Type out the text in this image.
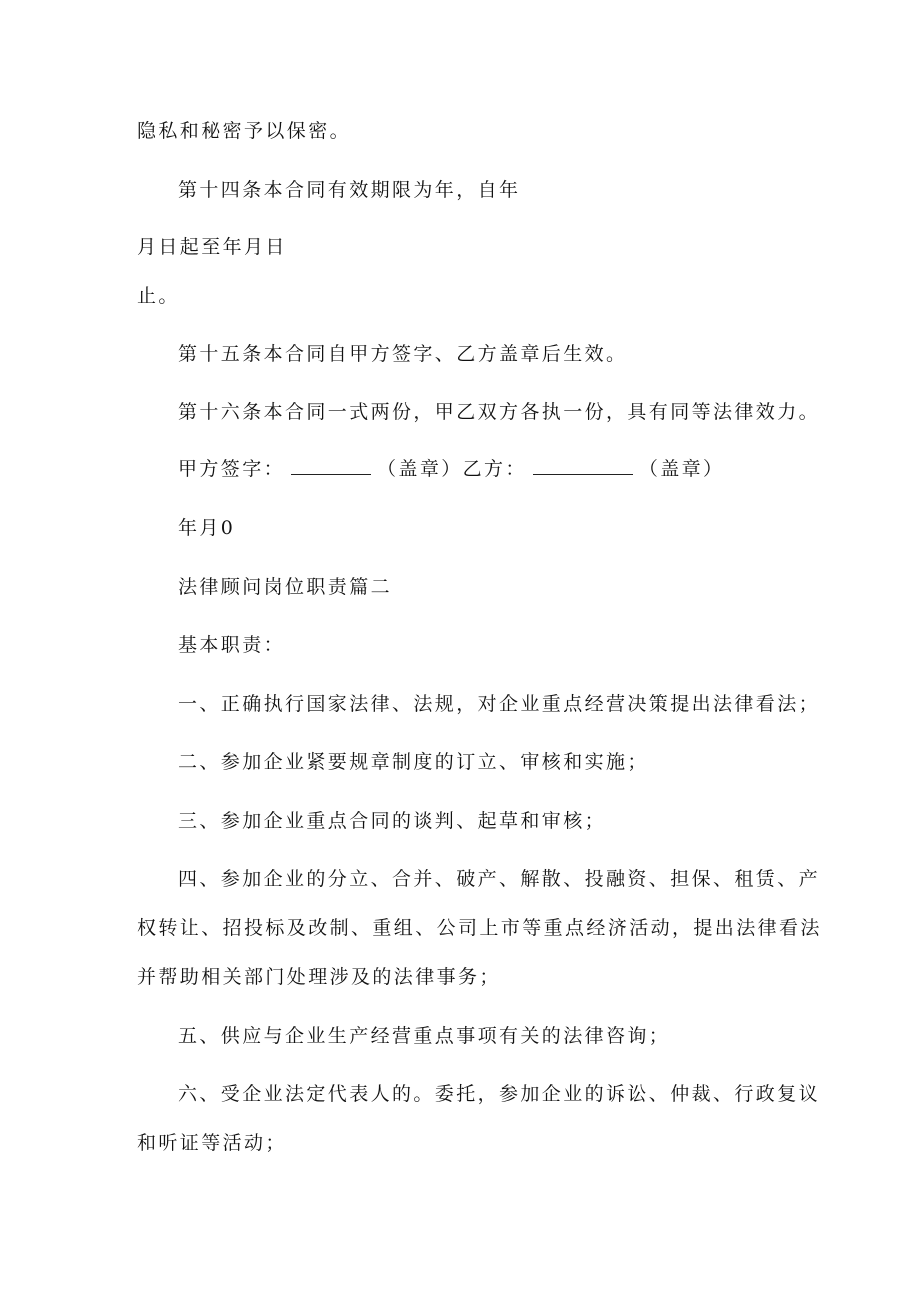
隐私和秘密予以保密。
第十四条本合同有效期限为年，自年
月日起至年月日
止。
第十五条本合同自甲方签字、乙方盖章后生效。
第十六条本合同一式两份，甲乙双方各执一份，具有同等法律效力。
甲方签字：	（盖章）乙方：	（盖章）
年月0
法律顾问岗位职责篇二
基本职责：
一、正确执行国家法律、法规，对企业重点经营决策提出法律看法；
二、参加企业紧要规章制度的订立、审核和实施；
三、参加企业重点合同的谈判、起草和审核；
四、参加企业的分立、合并、破产、解散、投融资、担保、租赁、产
权转让、招投标及改制、重组、公司上市等重点经济活动，提出法律看法
并帮助相关部门处理涉及的法律事务；
五、供应与企业生产经营重点事项有关的法律咨询；
六、受企业法定代表人的。委托，参加企业的诉讼、仲裁、行政复议
和听证等活动；
